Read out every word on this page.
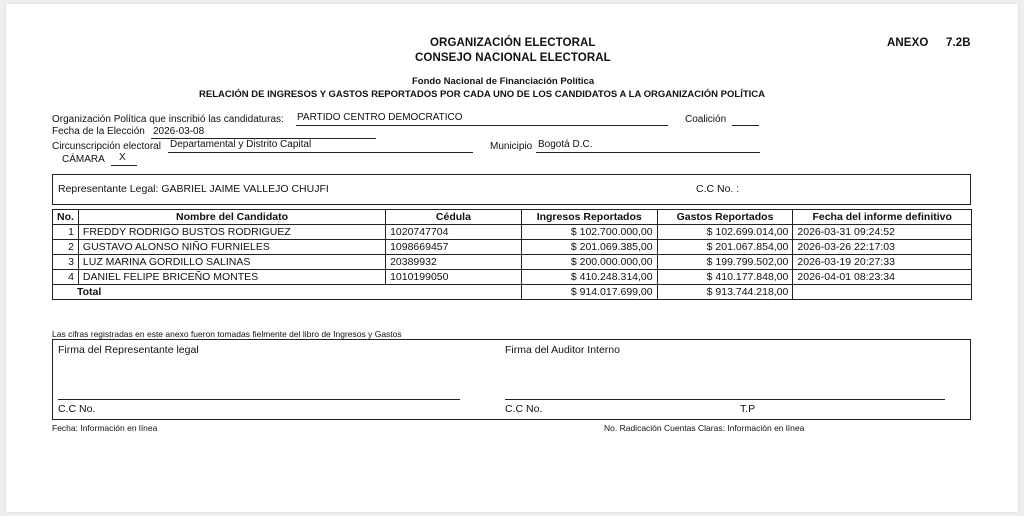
ORGANIZACIÓN ELECTORAL
CONSEJO NACIONAL ELECTORAL
ANEXO 7.2B
Fondo Nacional de Financiación Política
RELACIÓN DE INGRESOS Y GASTOS REPORTADOS POR CADA UNO DE LOS CANDIDATOS A LA ORGANIZACIÓN POLÍTICA
Organización Política que inscribió las candidaturas: PARTIDO CENTRO DEMOCRATICO	Coalición
Fecha de la Elección 2026-03-08
Circunscripción electoral Departamental y Distrito Capital	Municipio Bogotá D.C.
CÁMARA X
Representante Legal: GABRIEL JAIME VALLEJO CHUJFI	C.C No. :
No.	Nombre del Candidato	Cédula	Ingresos Reportados	Gastos Reportados	Fecha del informe definitivo
1	FREDDY RODRIGO BUSTOS RODRIGUEZ	1020747704	$ 102.700.000,00	$ 102.699.014,00	2026-03-31 09:24:52
2	GUSTAVO ALONSO NIÑO FURNIELES	1098669457	$ 201.069.385,00	$ 201.067.854,00	2026-03-26 22:17:03
3	LUZ MARINA GORDILLO SALINAS	20389932	$ 200.000.000,00	$ 199.799.502,00	2026-03-19 20:27:33
4	DANIEL FELIPE BRICEÑO MONTES	1010199050	$ 410.248.314,00	$ 410.177.848,00	2026-04-01 08:23:34
Total			$ 914.017.699,00	$ 913.744.218,00	
Las cifras registradas en este anexo fueron tomadas fielmente del libro de Ingresos y Gastos
Firma del Representante legal	Firma del Auditor Interno
C.C No.	C.C No.	T.P
Fecha: Información en línea	No. Radicación Cuentas Claras: Información en línea
